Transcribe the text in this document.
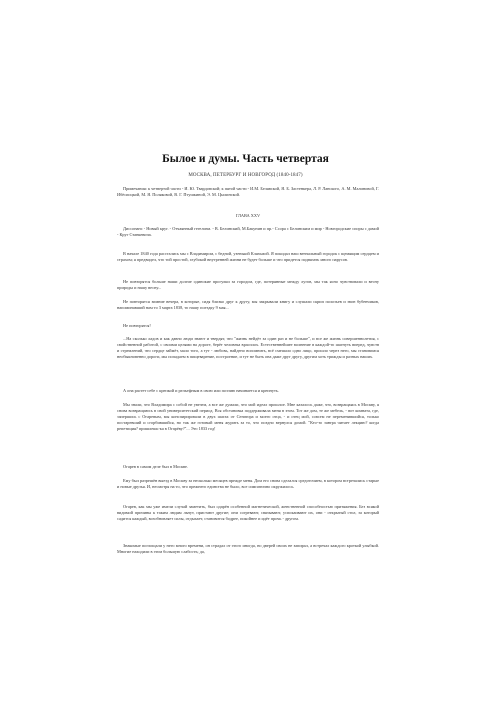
Былое и думы. Часть четвертая
МОСКВА, ПЕТЕРБУРГ И НОВГОРОД (1840-1847)

Примечания: к четвертой части - И. Ю. Твардовской; к пятой части - И.М. Белявской, Я. Б. Застенкера, Л. Р. Ланского, А. М. Малиновой, Г. Ибёсиоцкой, М. Я. Поляковой, В. Г. Птушкиной, Э. М. Цылинской.

ГЛАВА XXV

Диссонанс - Новый круг. - Отчаянный гегелизм. - В. Белинский, М.Бакунин и пр.- Ссора с Белинским и мир - Новгородские споры с дамой - Круг Станкевича.

В начале 1840 года расстались мы с Владимиром, с бедной, узенькой Клязьмой. Я покидал наш венчальный городок с щемящим сердцем и страхом; я предвидел, что той простой, глубокой внутренней жизни не будет больше и что придется подвязать много парусов.

Не повторятся больше наши долгие одинокие прогулки за городом, где, потерянные между лугов, мы так ясно чувствовали и весну природы и нашу весну...

Не повторятся зимние вечера, в которые, сидя близко друг к другу, мы закрывали книгу и слушали скрип полозьев и звон бубенчиков, напоминавший нам то 3 марта 1838, то нашу поездку 9 мая...

Не повторятся!

...На сколько ладов и как давно люди знают и твердят, что "жизнь нейдёт за один раз и не больше", и все же жизнь совершеннолетия, с свойственной работой, с своими целями на дороге, берёт человека врасплох. Естественнейшее волнение в каждой-то шагнуть вперед, чувств и стремлений, что сердце займёт, мало того, а тут - любовь, найдено вспомнить, всё смешало одно лицо, прошло через него, мы становимся необыкновенно дороги, мы попадаем в пищеварение, построение, и тут не быть она даже друг другу, другим хоть трижды и разных наших.

А она растет себе с крепкой и рельефным в свою или поэзию начинается и крепнуть.

Мы знали, что Владимира с собой не увезем, а все же думали, что мой идеал прошлое. Мне казалось даже, что, возвращаясь в Москву, я снова возвращаюсь в свой университетский период. Вся обстановка поддерживала меня в этом. Тот же дом, те же мебель, - вот комната, где, запершись с Огаревым, мы конспирировали в двух шагах от Сенатора и моего отца, - и отец мой, совсем не переменившийся, только постаревший и сгорбившийся, но так же готовый меня журить за то, что поздно вернулся домой. "Кто-то завтра читает лекцию? когда репетиция? пришлешь-ка в Огарёву?"... Это 1833 год!

Огарев в самом деле был в Москве.

Ему был разрешён выезд в Москву за несколько месяцев прежде меня. Дом его снова сделался средоточием, в котором встречались старые и новые друзья. И, несмотря на то, что прежнего единства не было, все симпатично окружилось.

Огарев, как мы уже имели случай заметить, был одарён особенной магнетической, женственной способностью притяжения. Без всякой видимой причины к таким людям льнут, пристают другие; они согревают, связывают, успокаивают их, они - открытый стол, за который садится каждый, возобновляет силы, отдыхает, становится бодрее, покойнее и идёт прочь - другом.

Знакомые поглощали у него много времени, он страдал от этого иногда, но дверей своих не запирал, а встречал каждого кроткой улыбкой. Многие находили в этом большую слабость; да,
